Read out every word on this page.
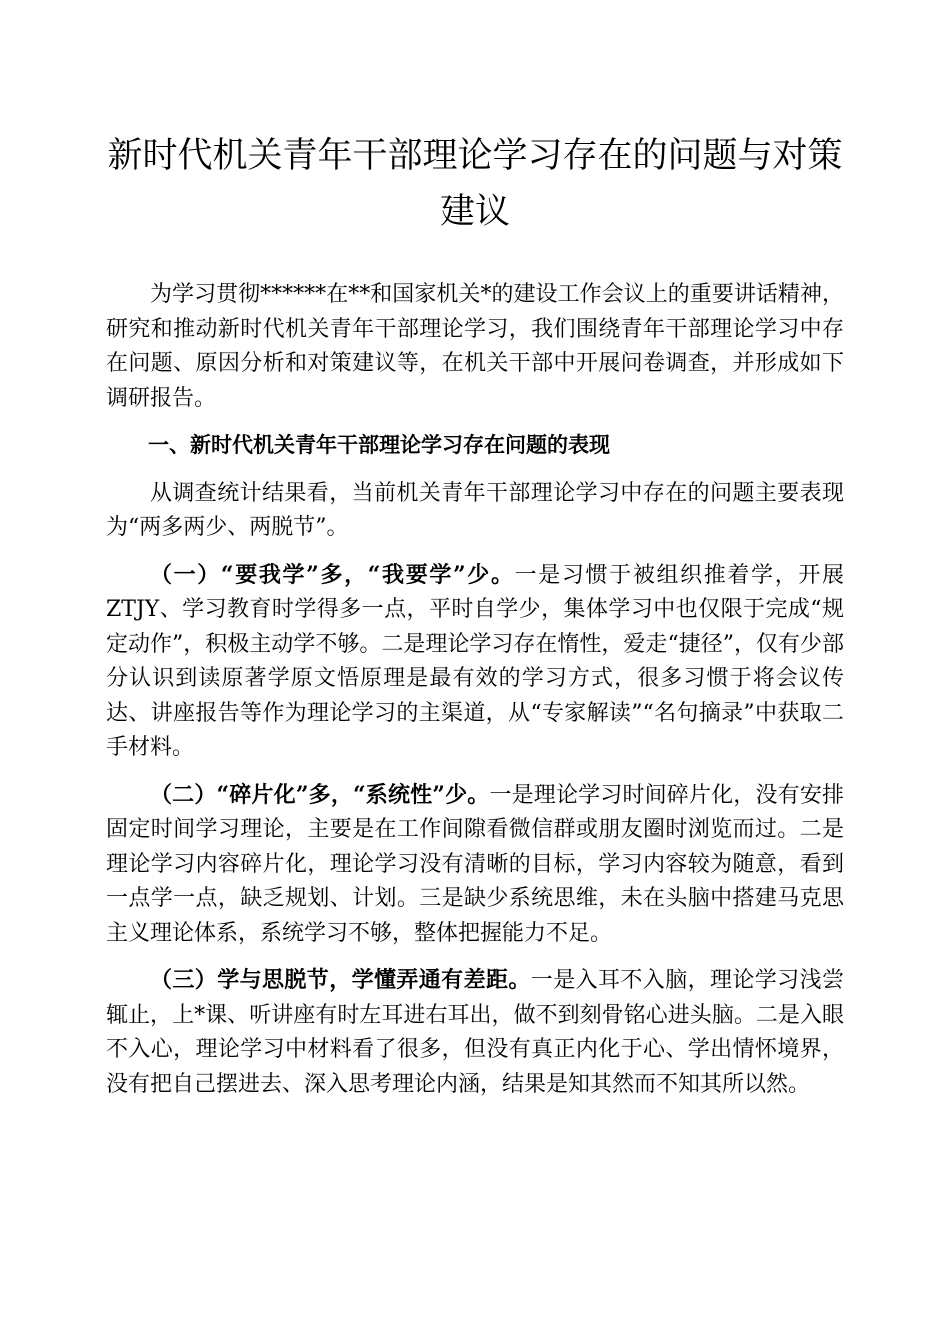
新时代机关青年干部理论学习存在的问题与对策
建议

为学习贯彻******在**和国家机关*的建设工作会议上的重要讲话精神，研究和推动新时代机关青年干部理论学习，我们围绕青年干部理论学习中存在问题、原因分析和对策建议等，在机关干部中开展问卷调查，并形成如下调研报告。

一、新时代机关青年干部理论学习存在问题的表现

从调查统计结果看，当前机关青年干部理论学习中存在的问题主要表现为“两多两少、两脱节”。

（一）“要我学”多，“我要学”少。一是习惯于被组织推着学，开展ZTJY、学习教育时学得多一点，平时自学少，集体学习中也仅限于完成“规定动作”，积极主动学不够。二是理论学习存在惰性，爱走“捷径”，仅有少部分认识到读原著学原文悟原理是最有效的学习方式，很多习惯于将会议传达、讲座报告等作为理论学习的主渠道，从“专家解读”“名句摘录”中获取二手材料。

（二）“碎片化”多，“系统性”少。一是理论学习时间碎片化，没有安排固定时间学习理论，主要是在工作间隙看微信群或朋友圈时浏览而过。二是理论学习内容碎片化，理论学习没有清晰的目标，学习内容较为随意，看到一点学一点，缺乏规划、计划。三是缺少系统思维，未在头脑中搭建马克思主义理论体系，系统学习不够，整体把握能力不足。

（三）学与思脱节，学懂弄通有差距。一是入耳不入脑，理论学习浅尝辄止，上*课、听讲座有时左耳进右耳出，做不到刻骨铭心进头脑。二是入眼不入心，理论学习中材料看了很多，但没有真正内化于心、学出情怀境界，没有把自己摆进去、深入思考理论内涵，结果是知其然而不知其所以然。
